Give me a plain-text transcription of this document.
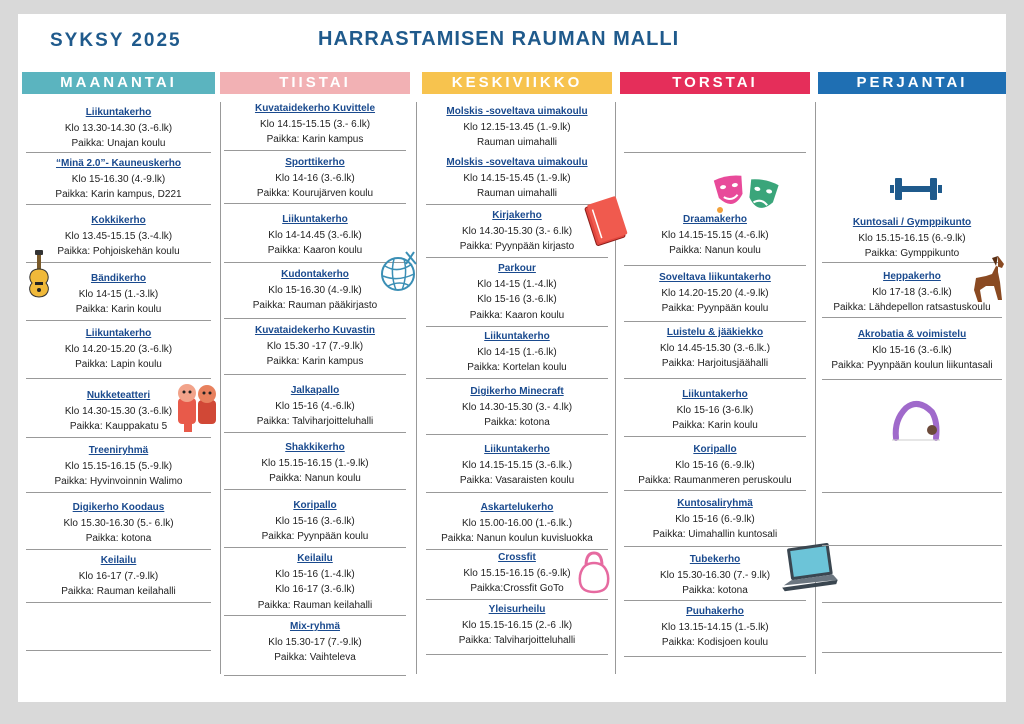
SYKSY 2025	HARRASTAMISEN RAUMAN MALLI
MAANANTAI
Liikuntakerho
Klo 13.30-14.30 (3.-6.lk)
Paikka: Unajan koulu
“Minä 2.0”- Kauneuskerho
Klo 15-16.30 (4.-9.lk)
Paikka: Karin kampus, D221
Kokkikerho
Klo 13.45-15.15 (3.-4.lk)
Paikka: Pohjoiskehän koulu
Bändikerho
Klo 14-15 (1.-3.lk)
Paikka: Karin koulu
Liikuntakerho
Klo 14.20-15.20 (3.-6.lk)
Paikka: Lapin koulu
Nukketeatteri
Klo 14.30-15.30 (3.-6.lk)
Paikka: Kauppakatu 5
Treeniryhmä
Klo 15.15-16.15 (5.-9.lk)
Paikka: Hyvinvoinnin Walimo
Digikerho Koodaus
Klo 15.30-16.30 (5.- 6.lk)
Paikka: kotona
Keilailu
Klo 16-17 (7.-9.lk)
Paikka: Rauman keilahalli
TIISTAI
Kuvataidekerho Kuvittele
Klo 14.15-15.15 (3.- 6.lk)
Paikka: Karin kampus
Sporttikerho
Klo 14-16 (3.-6.lk)
Paikka: Kourujärven koulu
Liikuntakerho
Klo 14-14.45 (3.-6.lk)
Paikka: Kaaron koulu
Kudontakerho
Klo 15-16.30 (4.-9.lk)
Paikka: Rauman pääkirjasto
Kuvataidekerho Kuvastin
Klo 15.30 -17 (7.-9.lk)
Paikka: Karin kampus
Jalkapallo
Klo 15-16 (4.-6.lk)
Paikka: Talviharjoitteluhalli
Shakkikerho
Klo 15.15-16.15 (1.-9.lk)
Paikka: Nanun koulu
Koripallo
Klo 15-16 (3.-6.lk)
Paikka: Pyynpään koulu
Keilailu
Klo 15-16 (1.-4.lk)
Klo 16-17 (3.-6.lk)
Paikka: Rauman keilahalli
Mix-ryhmä
Klo 15.30-17 (7.-9.lk)
Paikka: Vaihteleva
KESKIVIIKKO
Molskis -soveltava uimakoulu
Klo 12.15-13.45 (1.-9.lk)
Rauman uimahalli
Molskis -soveltava uimakoulu
Klo 14.15-15.45 (1.-9.lk)
Rauman uimahalli
Kirjakerho
Klo 14.30-15.30 (3.- 6.lk)
Paikka: Pyynpään kirjasto
Parkour
Klo 14-15 (1.-4.lk)
Klo 15-16 (3.-6.lk)
Paikka: Kaaron koulu
Liikuntakerho
Klo 14-15 (1.-6.lk)
Paikka: Kortelan koulu
Digikerho Minecraft
Klo 14.30-15.30 (3.- 4.lk)
Paikka: kotona
Liikuntakerho
Klo 14.15-15.15 (3.-6.lk.)
Paikka: Vasaraisten koulu
Askartelukerho
Klo 15.00-16.00 (1.-6.lk.)
Paikka: Nanun koulun kuvisluokka
Crossfit
Klo 15.15-16.15 (6.-9.lk)
Paikka:Crossfit GoTo
Yleisurheilu
Klo 15.15-16.15 (2.-6 .lk)
Paikka: Talviharjoitteluhalli
TORSTAI
Draamakerho
Klo 14.15-15.15 (4.-6.lk)
Paikka: Nanun koulu
Soveltava liikuntakerho
Klo 14.20-15.20 (4.-9.lk)
Paikka: Pyynpään koulu
Luistelu & jääkiekko
Klo 14.45-15.30 (3.-6.lk.)
Paikka: Harjoitusjäähalli
Liikuntakerho
Klo 15-16 (3-6.lk)
Paikka: Karin koulu
Koripallo
Klo 15-16 (6.-9.lk)
Paikka: Raumanmeren peruskoulu
Kuntosaliryhmä
Klo 15-16 (6.-9.lk)
Paikka: Uimahallin kuntosali
Tubekerho
Klo 15.30-16.30 (7.- 9.lk)
Paikka: kotona
Puuhakerho
Klo 13.15-14.15 (1.-5.lk)
Paikka: Kodisjoen koulu
PERJANTAI
Kuntosali / Gymppikunto
Klo 15.15-16.15 (6.-9.lk)
Paikka: Gymppikunto
Heppakerho
Klo 17-18 (3.-6.lk)
Paikka: Lähdepellon ratsastuskoulu
Akrobatia & voimistelu
Klo 15-16 (3.-6.lk)
Paikka: Pyynpään koulun liikuntasali
